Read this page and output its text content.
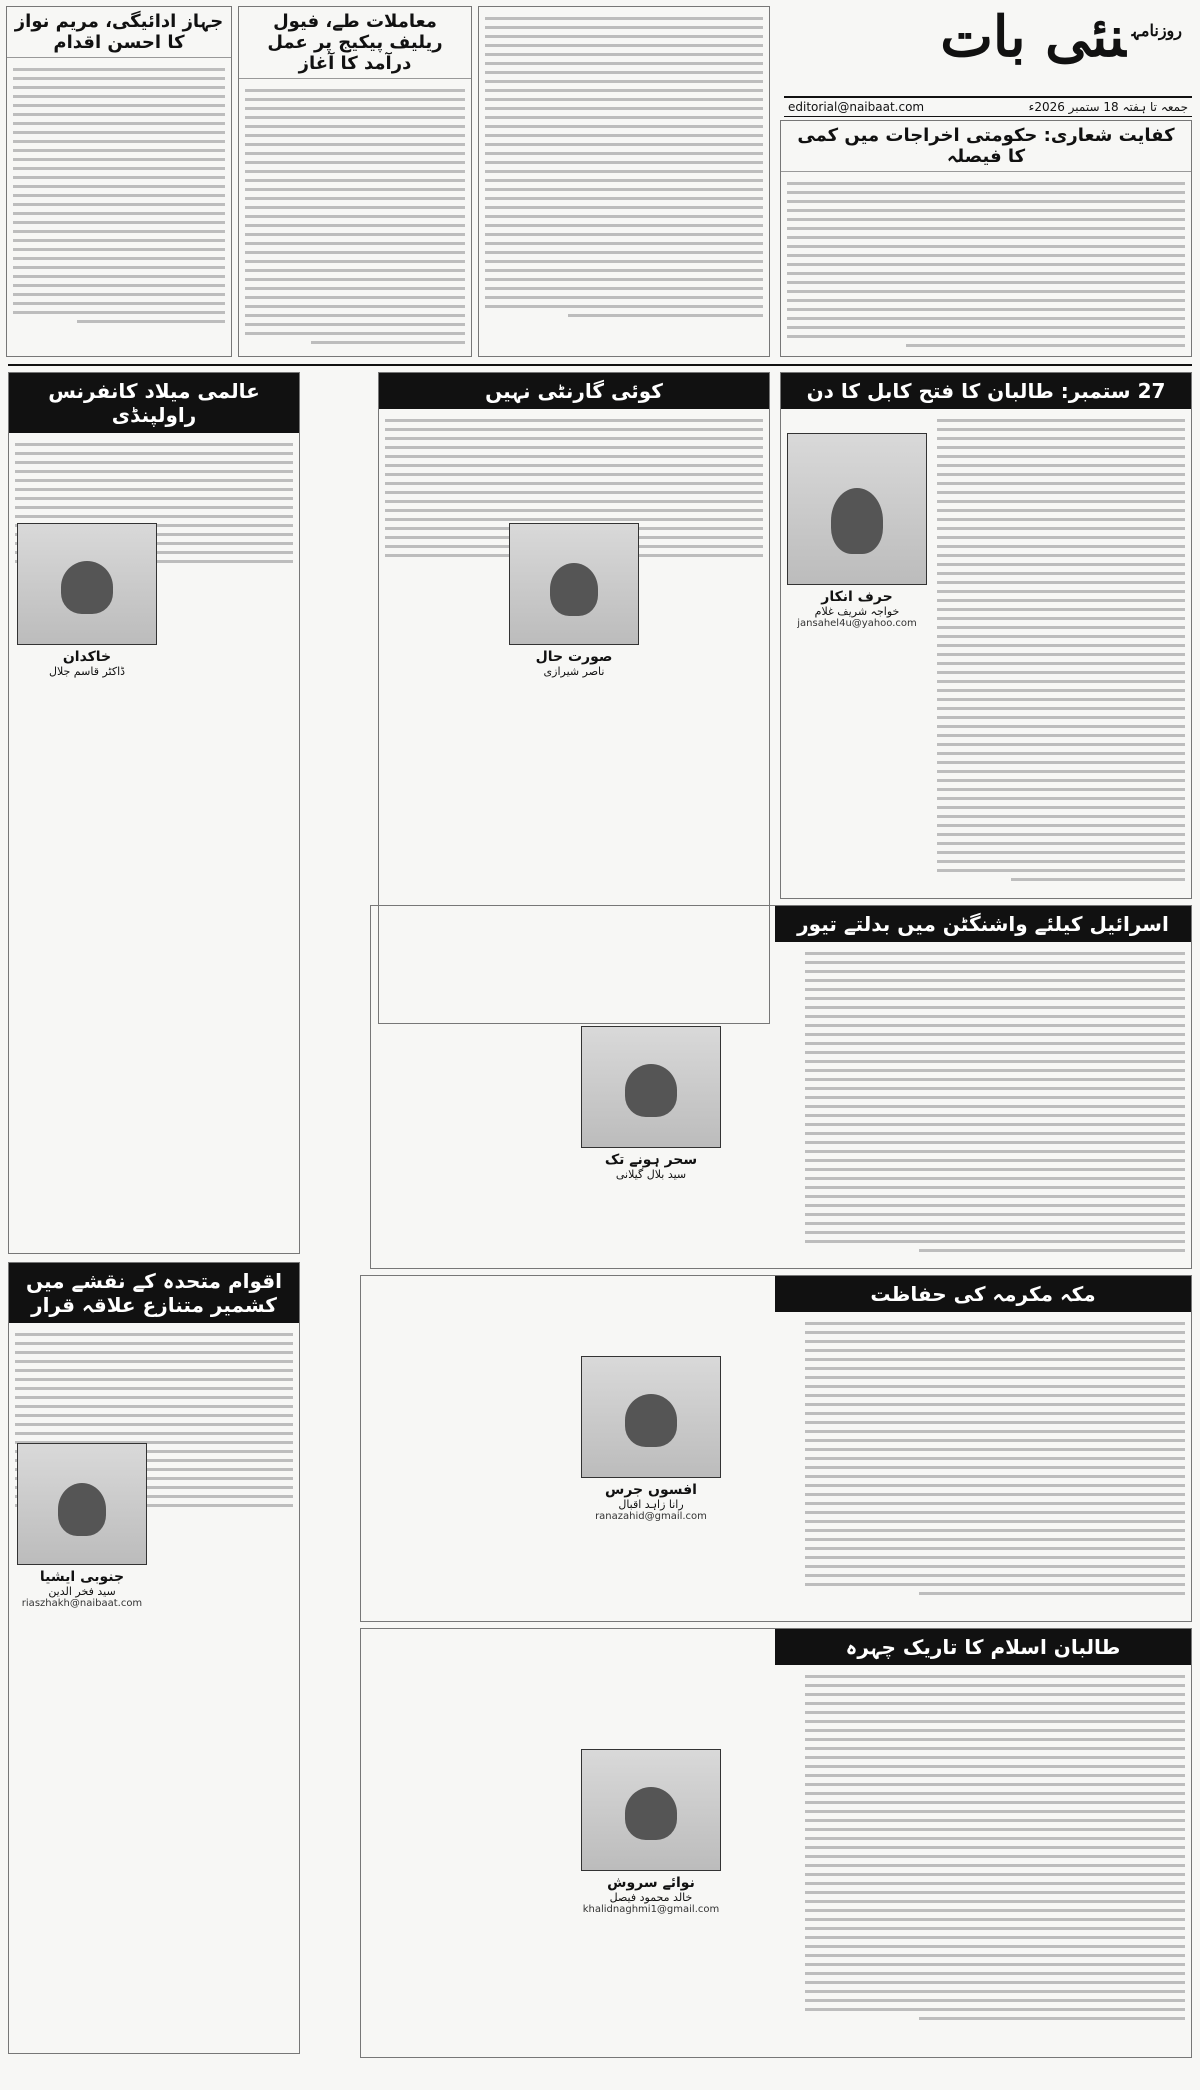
$^{روزنامہ}$نئی بات
جمعہ تا ہفتہ 18 ستمبر 2026ء
editorial@naibaat.com
کفایت شعاری: حکومتی اخراجات میں کمی کا فیصلہ
معاملات طے، فیول ریلیف پیکیج پر عمل درآمد کا آغاز
جہاز ادائیگی، مریم نواز کا احسن اقدام
27 ستمبر: طالبان کا فتح کابل کا دن
حرف انکار
خواجہ شریف غلام
jansahel4u@yahoo.com
کوئی گارنٹی نہیں
صورت حال
ناصر شیرازی
عالمی میلاد کانفرنس راولپنڈی
خاکدان
ڈاکٹر قاسم جلال
اسرائیل کیلئے واشنگٹن میں بدلتے تیور
سحر ہونے تک
سید بلال گیلانی
اقوام متحدہ کے نقشے میں کشمیر متنازع علاقہ قرار
جنوبی ایشیا
سید فخر الدین
riaszhakh@naibaat.com
مکہ مکرمہ کی حفاظت
افسوں جرس
رانا زاہد اقبال
ranazahid@gmail.com
طالبان اسلام کا تاریک چہرہ
نوائے سروش
خالد محمود فیصل
khalidnaghmi1@gmail.com
